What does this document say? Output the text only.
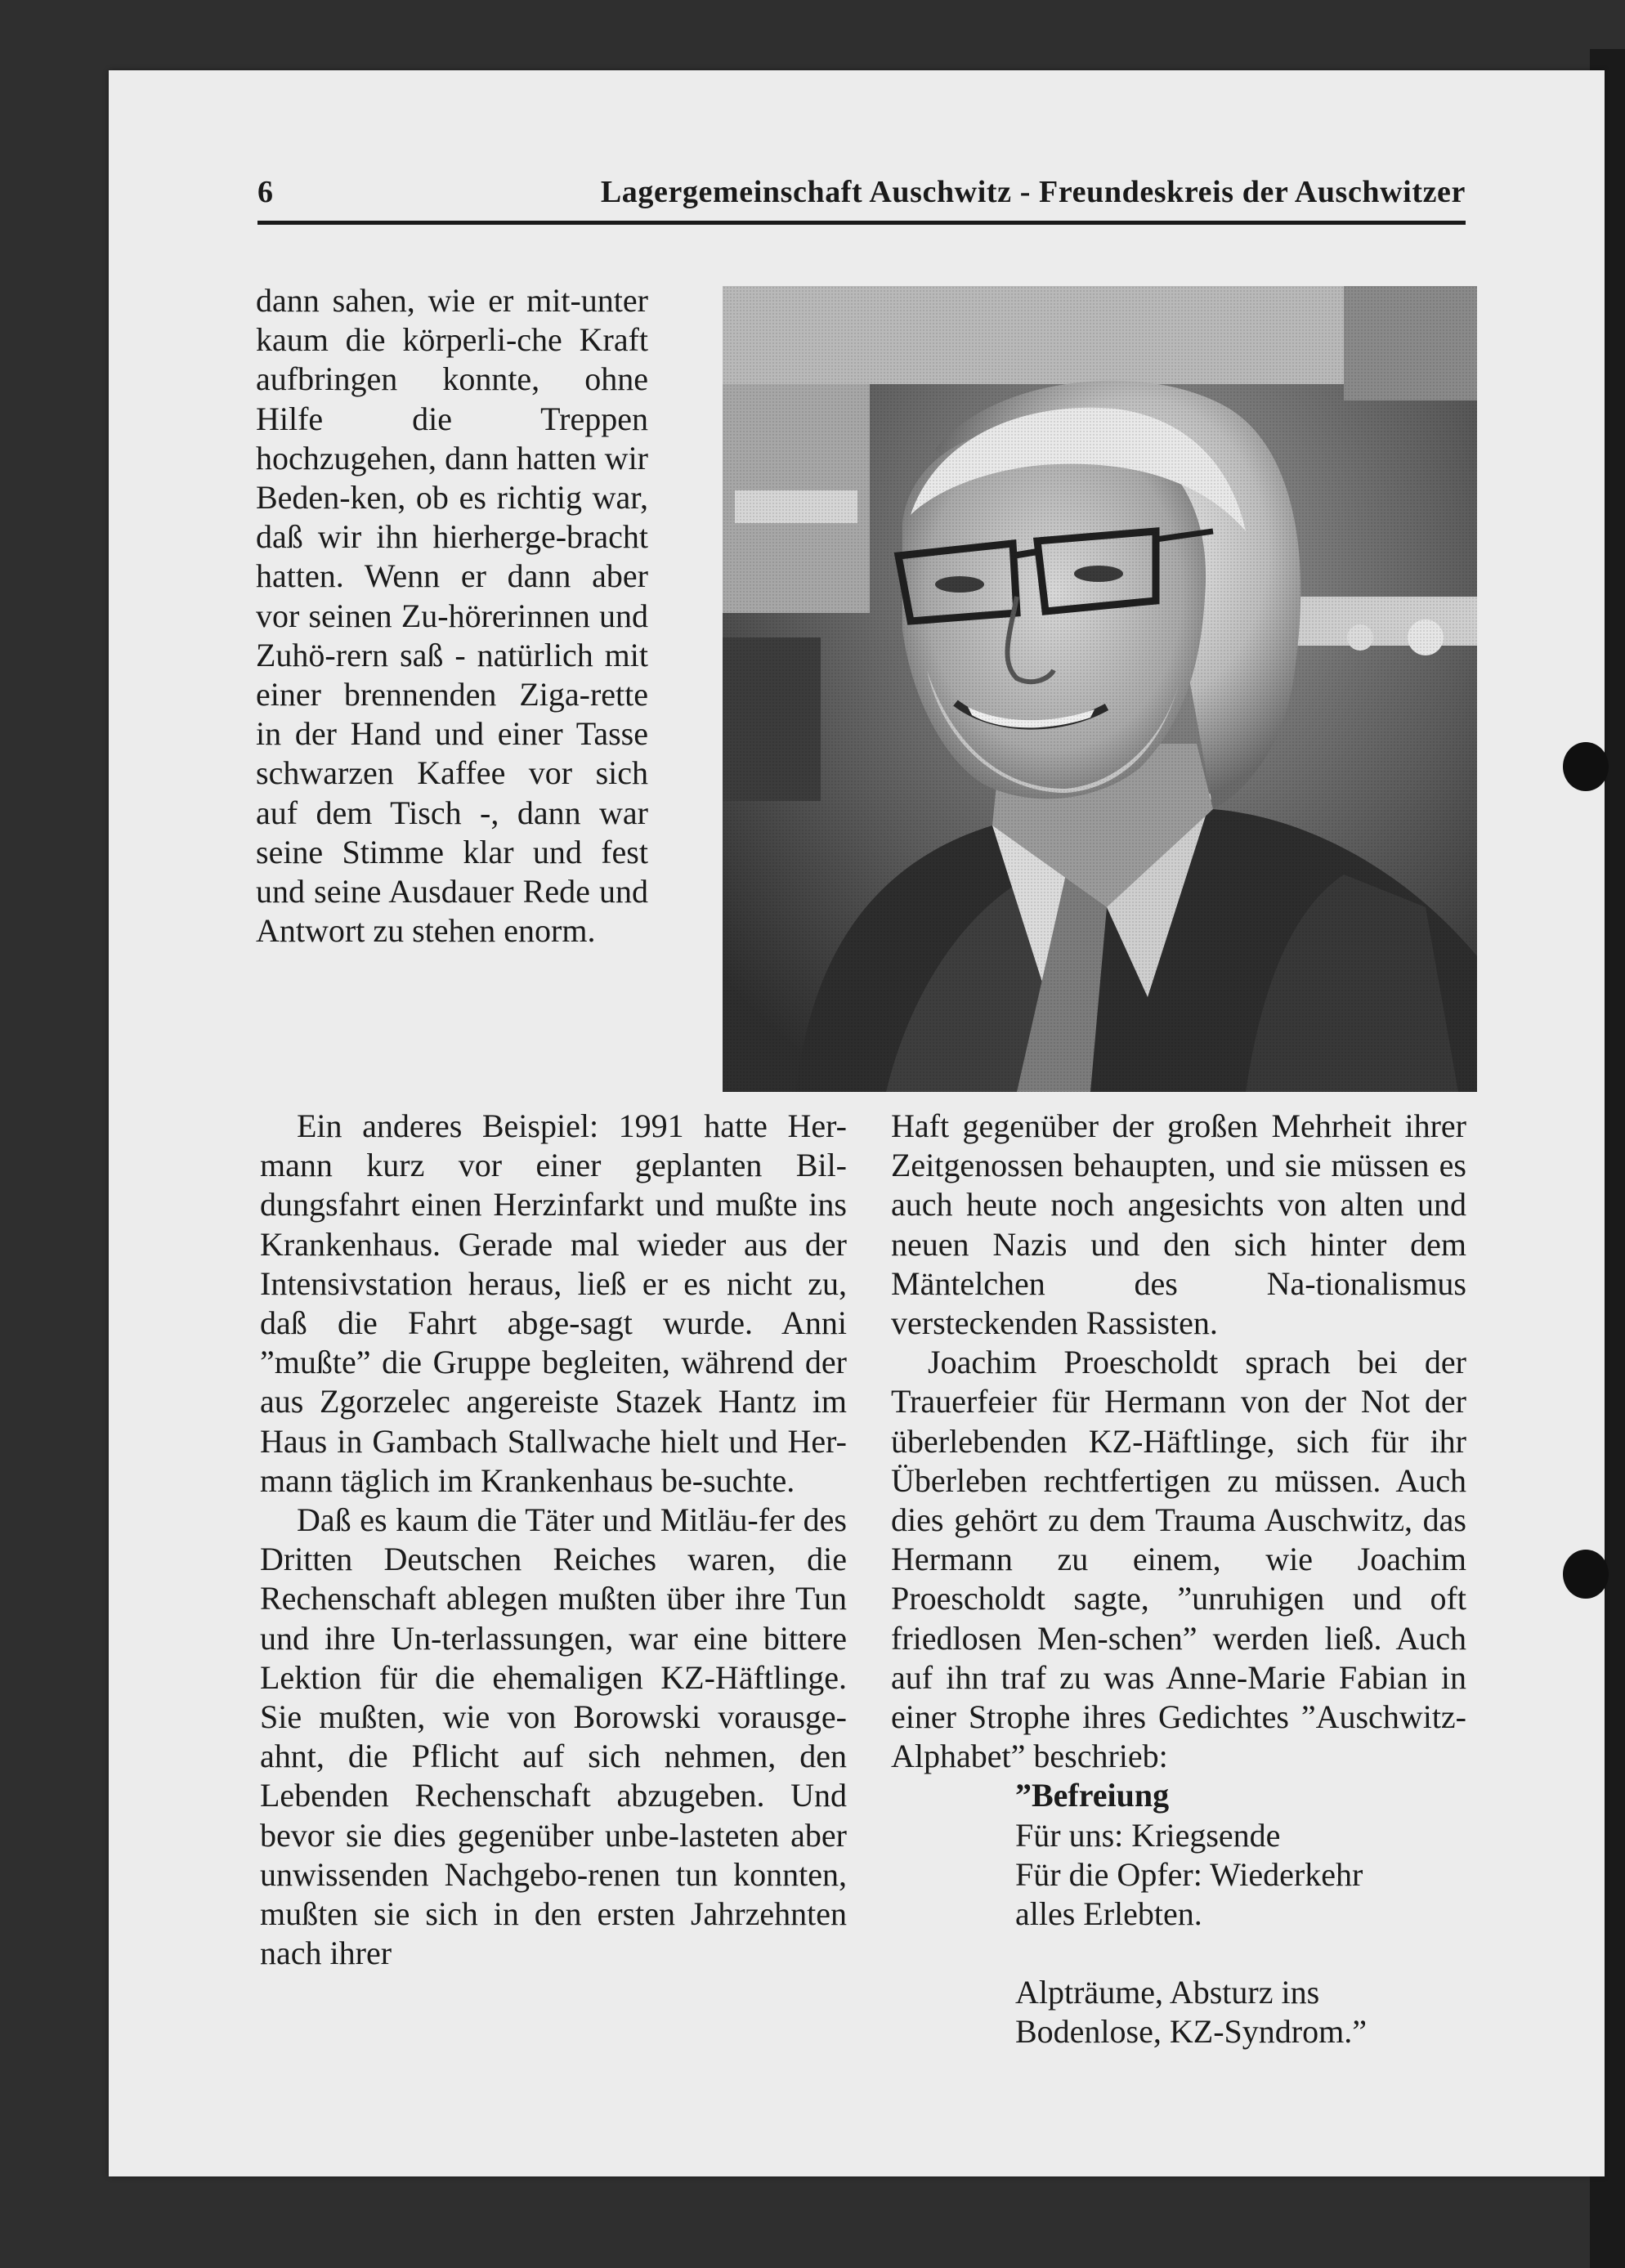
6	Lagergemeinschaft Auschwitz - Freundeskreis der Auschwitzer

dann sahen, wie er mit-unter kaum die körperli-che Kraft aufbringen konnte, ohne Hilfe die Treppen hochzugehen, dann hatten wir Beden-ken, ob es richtig war, daß wir ihn hierherge-bracht hatten. Wenn er dann aber vor seinen Zu-hörerinnen und Zuhö-rern saß - natürlich mit einer brennenden Ziga-rette in der Hand und einer Tasse schwarzen Kaffee vor sich auf dem Tisch -, dann war seine Stimme klar und fest und seine Ausdauer Rede und Antwort zu stehen enorm.

Ein anderes Beispiel: 1991 hatte Her-mann kurz vor einer geplanten Bil-dungsfahrt einen Herzinfarkt und mußte ins Krankenhaus. Gerade mal wieder aus der Intensivstation heraus, ließ er es nicht zu, daß die Fahrt abge-sagt wurde. Anni ”mußte” die Gruppe begleiten, während der aus Zgorzelec angereiste Stazek Hantz im Haus in Gambach Stallwache hielt und Her-mann täglich im Krankenhaus be-suchte.

Daß es kaum die Täter und Mitläu-fer des Dritten Deutschen Reiches waren, die Rechenschaft ablegen mußten über ihre Tun und ihre Un-terlassungen, war eine bittere Lektion für die ehemaligen KZ-Häftlinge. Sie mußten, wie von Borowski vorausge-ahnt, die Pflicht auf sich nehmen, den Lebenden Rechenschaft abzugeben. Und bevor sie dies gegenüber unbe-lasteten aber unwissenden Nachgebo-renen tun konnten, mußten sie sich in den ersten Jahrzehnten nach ihrer

Haft gegenüber der großen Mehrheit ihrer Zeitgenossen behaupten, und sie müssen es auch heute noch angesichts von alten und neuen Nazis und den sich hinter dem Mäntelchen des Na-tionalismus versteckenden Rassisten.

Joachim Proescholdt sprach bei der Trauerfeier für Hermann von der Not der überlebenden KZ-Häftlinge, sich für ihr Überleben rechtfertigen zu müssen. Auch dies gehört zu dem Trauma Auschwitz, das Hermann zu einem, wie Joachim Proescholdt sagte, ”unruhigen und oft friedlosen Men-schen” werden ließ. Auch auf ihn traf zu was Anne-Marie Fabian in einer Strophe ihres Gedichtes ”Auschwitz-Alphabet” beschrieb:

”Befreiung
Für uns: Kriegsende
Für die Opfer: Wiederkehr
alles Erlebten.
Alpträume, Absturz ins
Bodenlose, KZ-Syndrom.”
